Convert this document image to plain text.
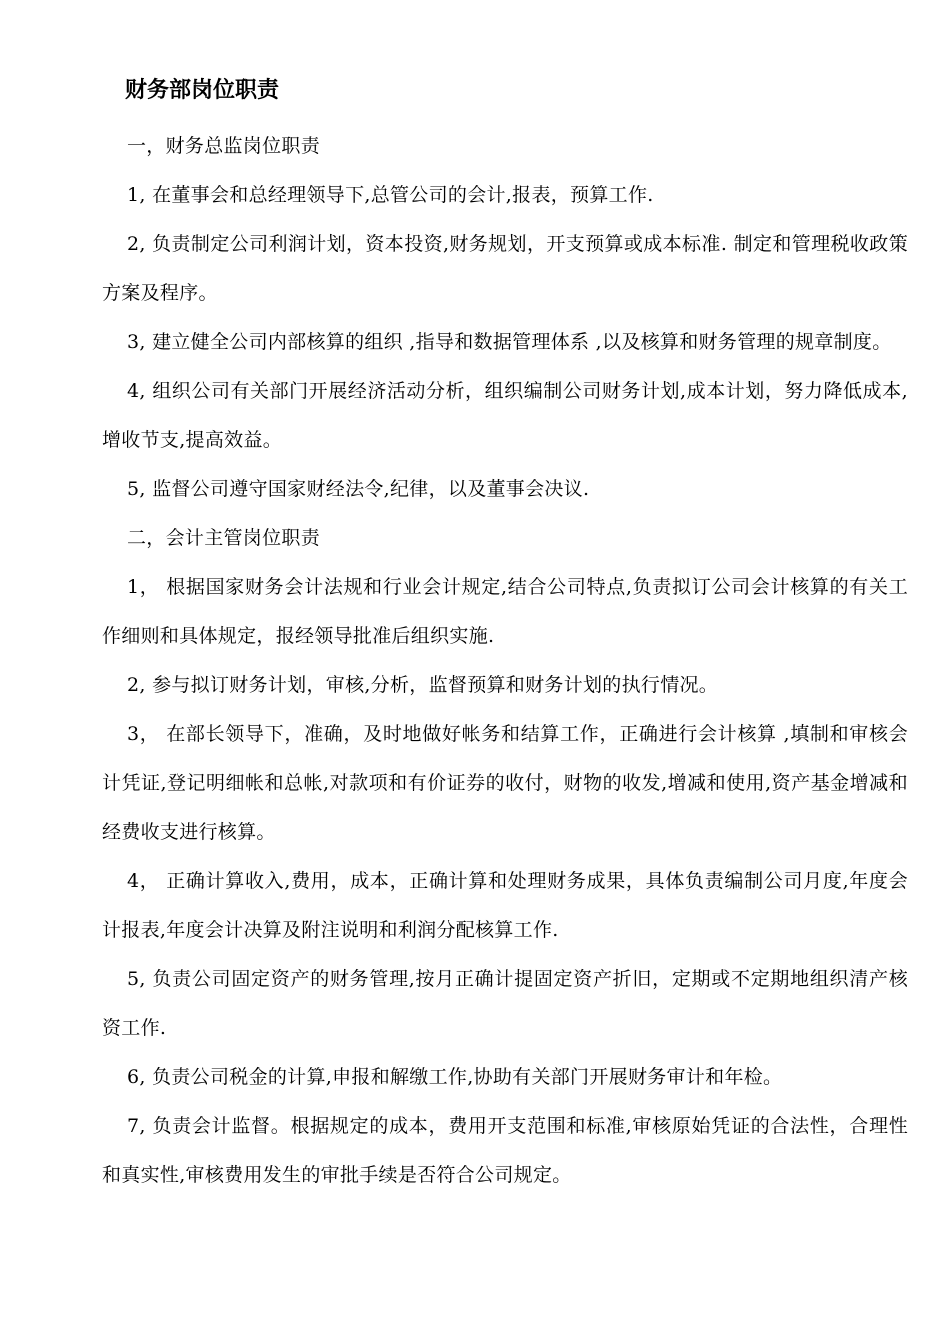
财务部岗位职责

一，财务总监岗位职责

1, 在董事会和总经理领导下,总管公司的会计,报表，预算工作.

2, 负责制定公司利润计划，资本投资,财务规划，开支预算或成本标准. 制定和管理税收政策方案及程序。

3, 建立健全公司内部核算的组织 ,指导和数据管理体系 ,以及核算和财务管理的规章制度。

4, 组织公司有关部门开展经济活动分析，组织编制公司财务计划,成本计划，努力降低成本,增收节支,提高效益。

5, 监督公司遵守国家财经法令,纪律，以及董事会决议.

二，会计主管岗位职责

1， 根据国家财务会计法规和行业会计规定,结合公司特点,负责拟订公司会计核算的有关工作细则和具体规定，报经领导批准后组织实施.

2, 参与拟订财务计划，审核,分析，监督预算和财务计划的执行情况。

3， 在部长领导下，准确，及时地做好帐务和结算工作，正确进行会计核算 ,填制和审核会计凭证,登记明细帐和总帐,对款项和有价证券的收付，财物的收发,增减和使用,资产基金增减和经费收支进行核算。

4， 正确计算收入,费用，成本，正确计算和处理财务成果，具体负责编制公司月度,年度会计报表,年度会计决算及附注说明和利润分配核算工作.

5, 负责公司固定资产的财务管理,按月正确计提固定资产折旧，定期或不定期地组织清产核资工作.

6, 负责公司税金的计算,申报和解缴工作,协助有关部门开展财务审计和年检。

7, 负责会计监督。根据规定的成本，费用开支范围和标准,审核原始凭证的合法性，合理性和真实性,审核费用发生的审批手续是否符合公司规定。
